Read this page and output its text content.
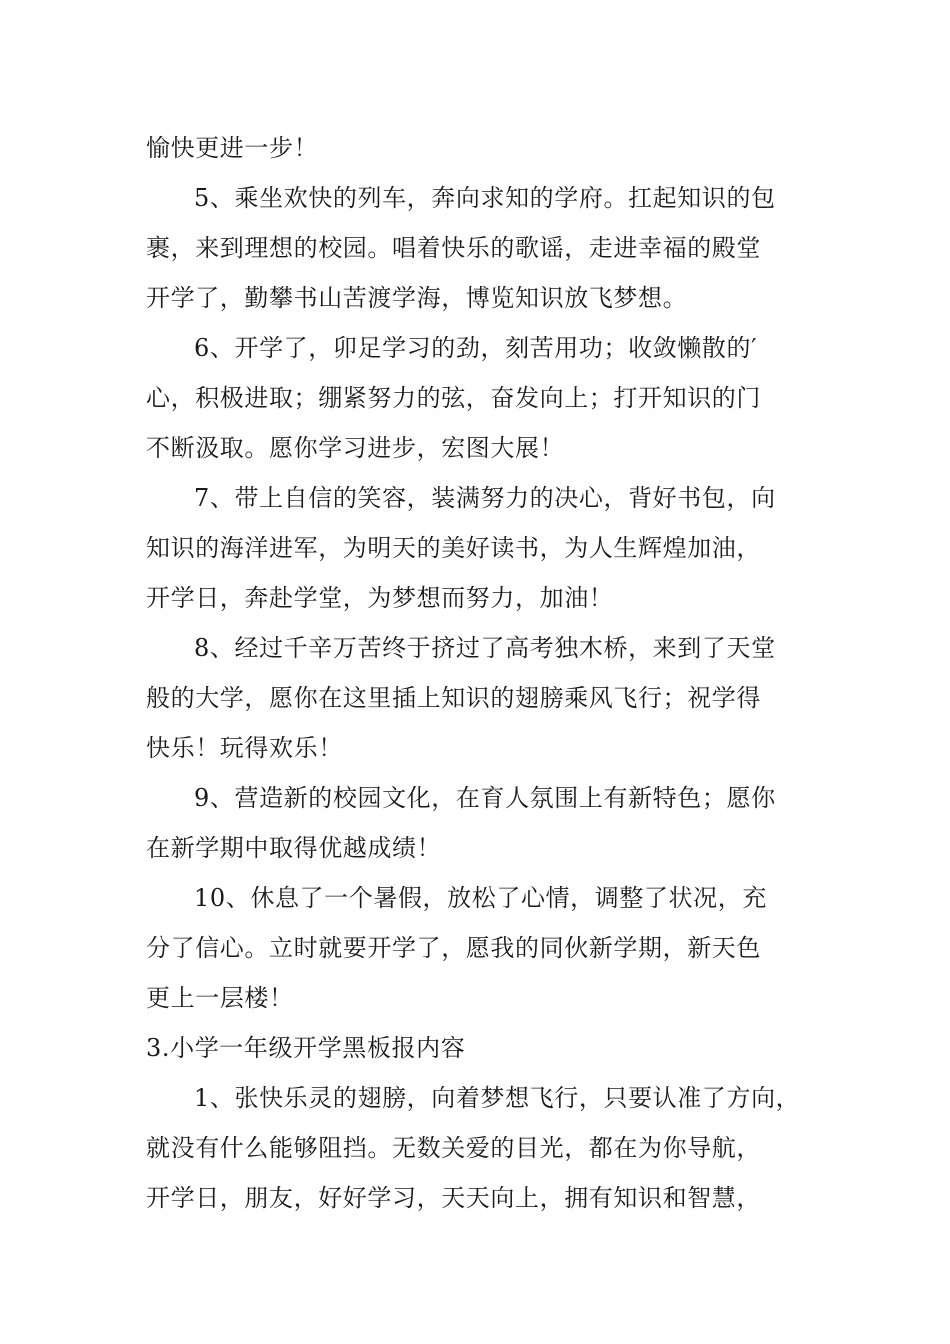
愉快更进一步！
5、乘坐欢快的列车，奔向求知的学府。扛起知识的包
裹，来到理想的校园。唱着快乐的歌谣，走进幸福的殿堂
开学了，勤攀书山苦渡学海，博览知识放飞梦想。
6、开学了，卯足学习的劲，刻苦用功；收敛懒散的′
心，积极进取；绷紧努力的弦，奋发向上；打开知识的门
不断汲取。愿你学习进步，宏图大展！
7、带上自信的笑容，装满努力的决心，背好书包，向
知识的海洋进军，为明天的美好读书，为人生辉煌加油，
开学日，奔赴学堂，为梦想而努力，加油！
8、经过千辛万苦终于挤过了高考独木桥，来到了天堂
般的大学，愿你在这里插上知识的翅膀乘风飞行；祝学得
快乐！玩得欢乐！
9、营造新的校园文化，在育人氛围上有新特色；愿你
在新学期中取得优越成绩！
10、休息了一个暑假，放松了心情，调整了状况，充
分了信心。立时就要开学了，愿我的同伙新学期，新天色
更上一层楼！
3.小学一年级开学黑板报内容
1、张快乐灵的翅膀，向着梦想飞行，只要认准了方向，
就没有什么能够阻挡。无数关爱的目光，都在为你导航，
开学日，朋友，好好学习，天天向上，拥有知识和智慧，
